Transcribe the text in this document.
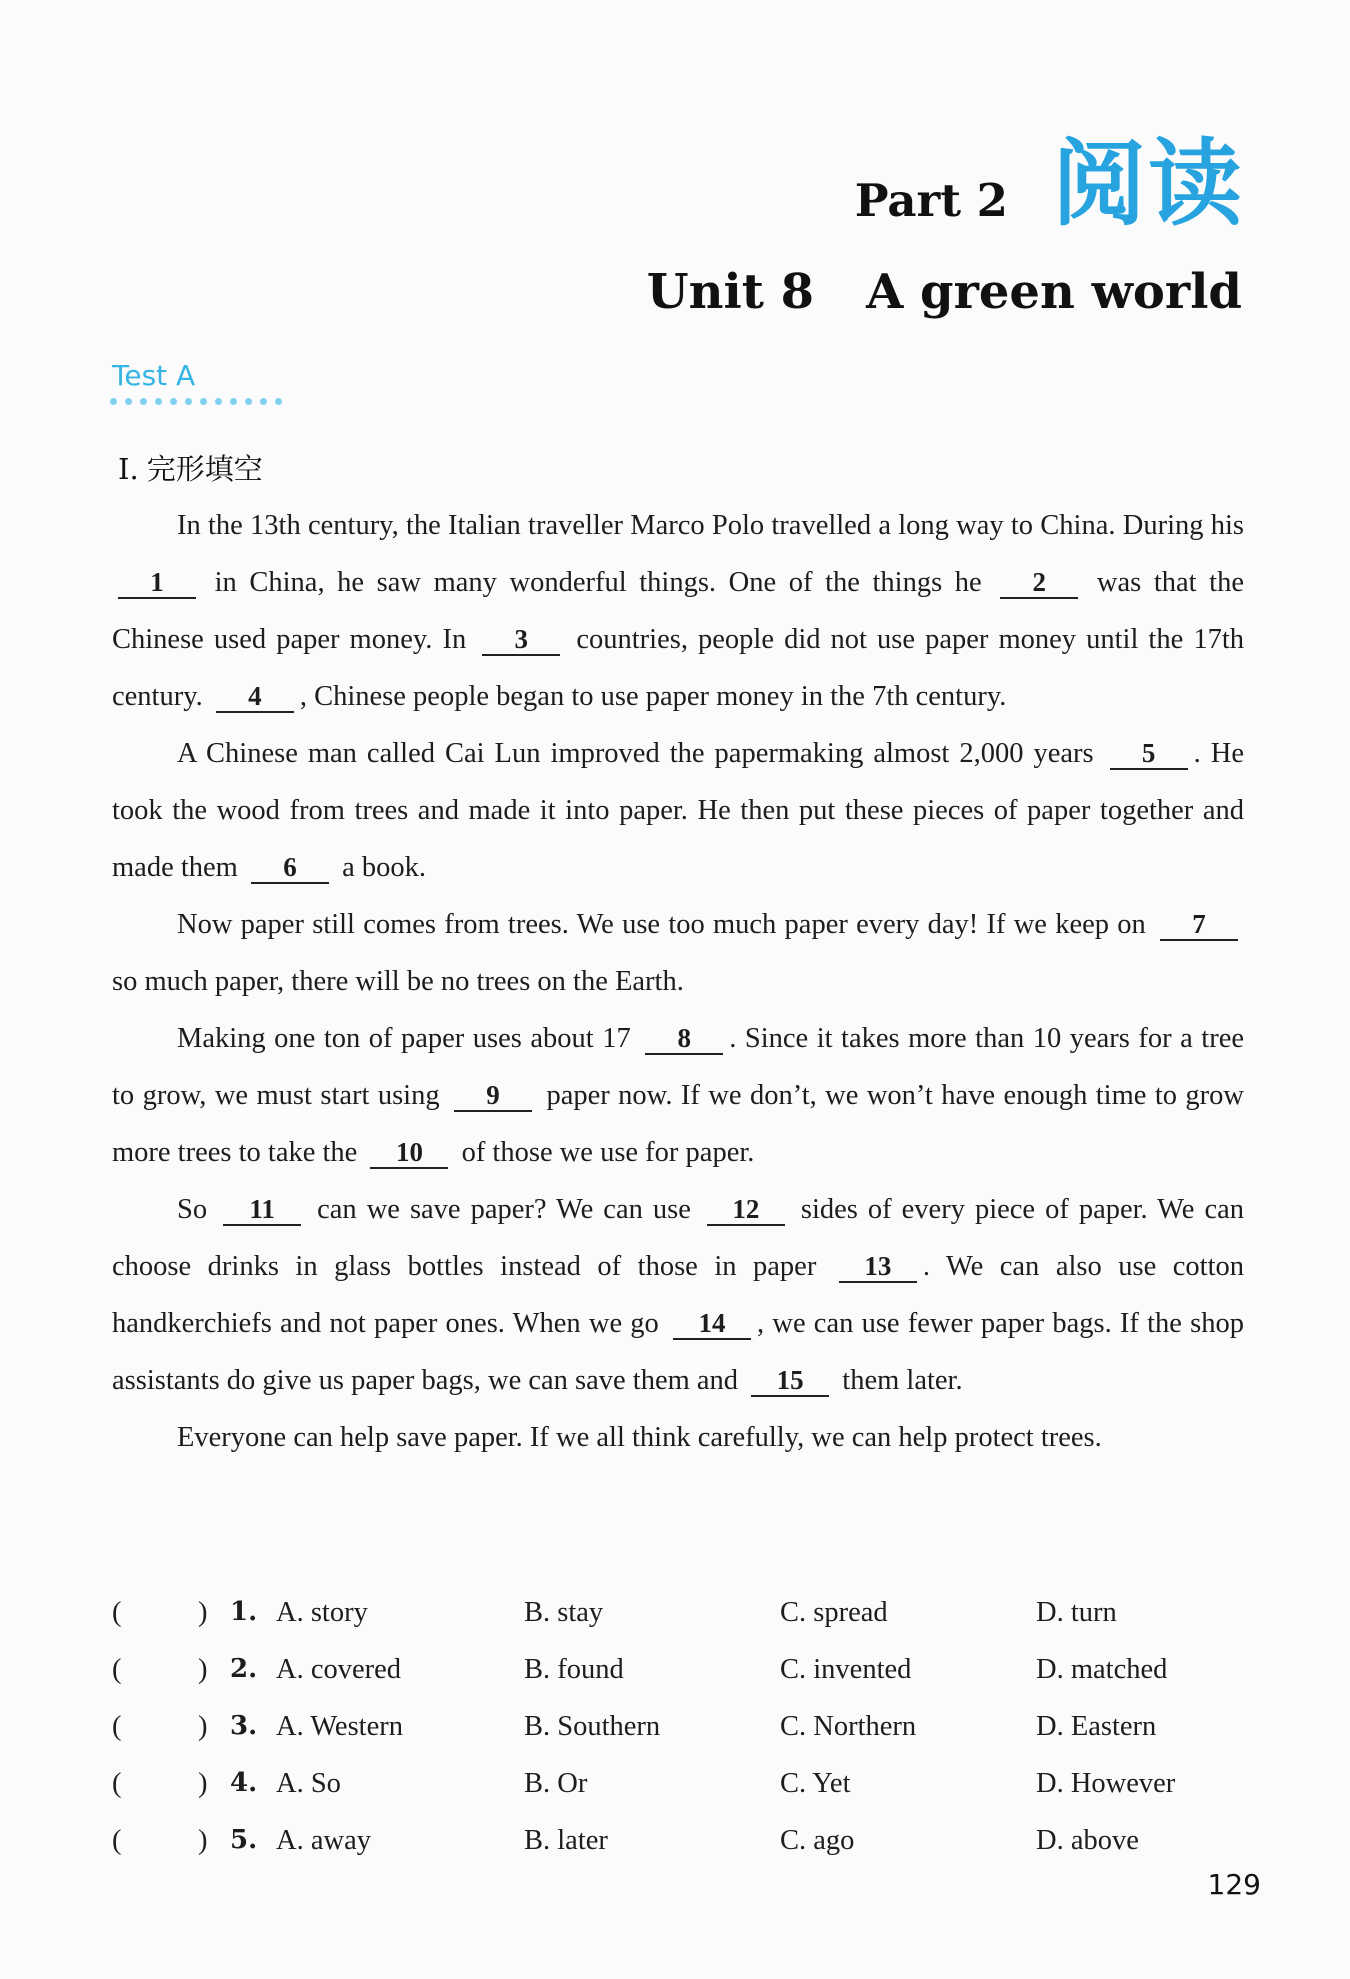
Part 2 阅读
Unit 8 A green world
Test A
Ⅰ. 完形填空

In the 13th century, the Italian traveller Marco Polo travelled a long way to China. During his 1 in China, he saw many wonderful things. One of the things he 2 was that the Chinese used paper money. In 3 countries, people did not use paper money until the 17th century. 4 , Chinese people began to use paper money in the 7th century.

A Chinese man called Cai Lun improved the papermaking almost 2,000 years 5 . He took the wood from trees and made it into paper. He then put these pieces of paper together and made them 6 a book.

Now paper still comes from trees. We use too much paper every day! If we keep on 7 so much paper, there will be no trees on the Earth.

Making one ton of paper uses about 17 8 . Since it takes more than 10 years for a tree to grow, we must start using 9 paper now. If we don’t, we won’t have enough time to grow more trees to take the 10 of those we use for paper.

So 11 can we save paper? We can use 12 sides of every piece of paper. We can choose drinks in glass bottles instead of those in paper 13 . We can also use cotton handkerchiefs and not paper ones. When we go 14 , we can use fewer paper bags. If the shop assistants do give us paper bags, we can save them and 15 them later.

Everyone can help save paper. If we all think carefully, we can help protect trees.

(	) 1. A. story	B. stay	C. spread	D. turn
(	) 2. A. covered	B. found	C. invented	D. matched
(	) 3. A. Western	B. Southern	C. Northern	D. Eastern
(	) 4. A. So	B. Or	C. Yet	D. However
(	) 5. A. away	B. later	C. ago	D. above
129
